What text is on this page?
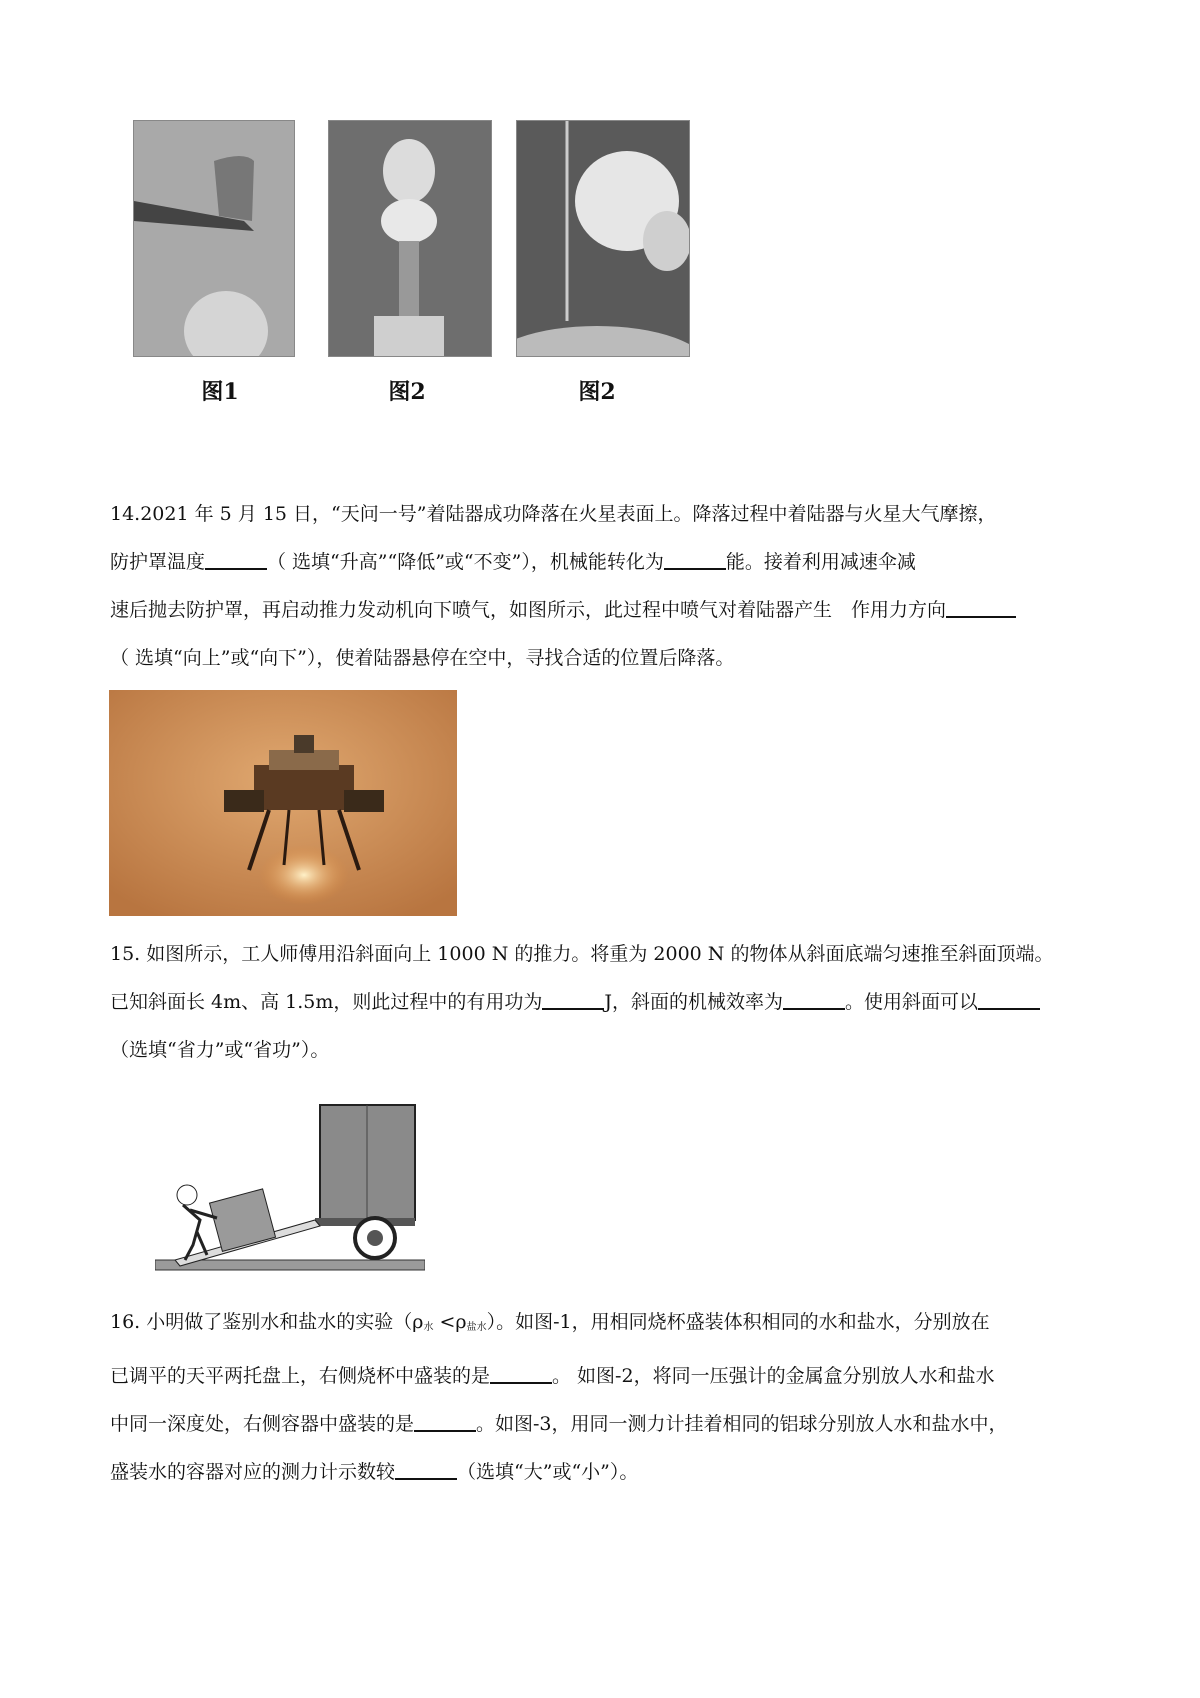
图1	图2	图2

14.2021 年 5 月 15 日，“天问一号”着陆器成功降落在火星表面上。降落过程中着陆器与火星大气摩擦，

防护罩温度	（ 选填“升高”“降低”或“不变”），机械能转化为	能。接着利用减速伞减

速后抛去防护罩，再启动推力发动机向下喷气，如图所示，此过程中喷气对着陆器产生　作用力方向

（ 选填“向上”或“向下”），使着陆器悬停在空中，寻找合适的位置后降落。

15. 如图所示，工人师傅用沿斜面向上 1000 N 的推力。将重为 2000 N 的物体从斜面底端匀速推至斜面顶端。

已知斜面长 4m、高 1.5m，则此过程中的有用功为	J，斜面的机械效率为	。使用斜面可以

（选填“省力”或“省功”）。

16. 小明做了鉴别水和盐水的实验$(\rho_水 <\rho_{盐水})$。如图-1，用相同烧杯盛装体积相同的水和盐水，分别放在

已调平的天平两托盘上，右侧烧杯中盛装的是	。 如图-2，将同一压强计的金属盒分别放人水和盐水

中同一深度处，右侧容器中盛装的是	。如图-3，用同一测力计挂着相同的铝球分别放人水和盐水中，

盛装水的容器对应的测力计示数较	（选填“大”或“小”）。
